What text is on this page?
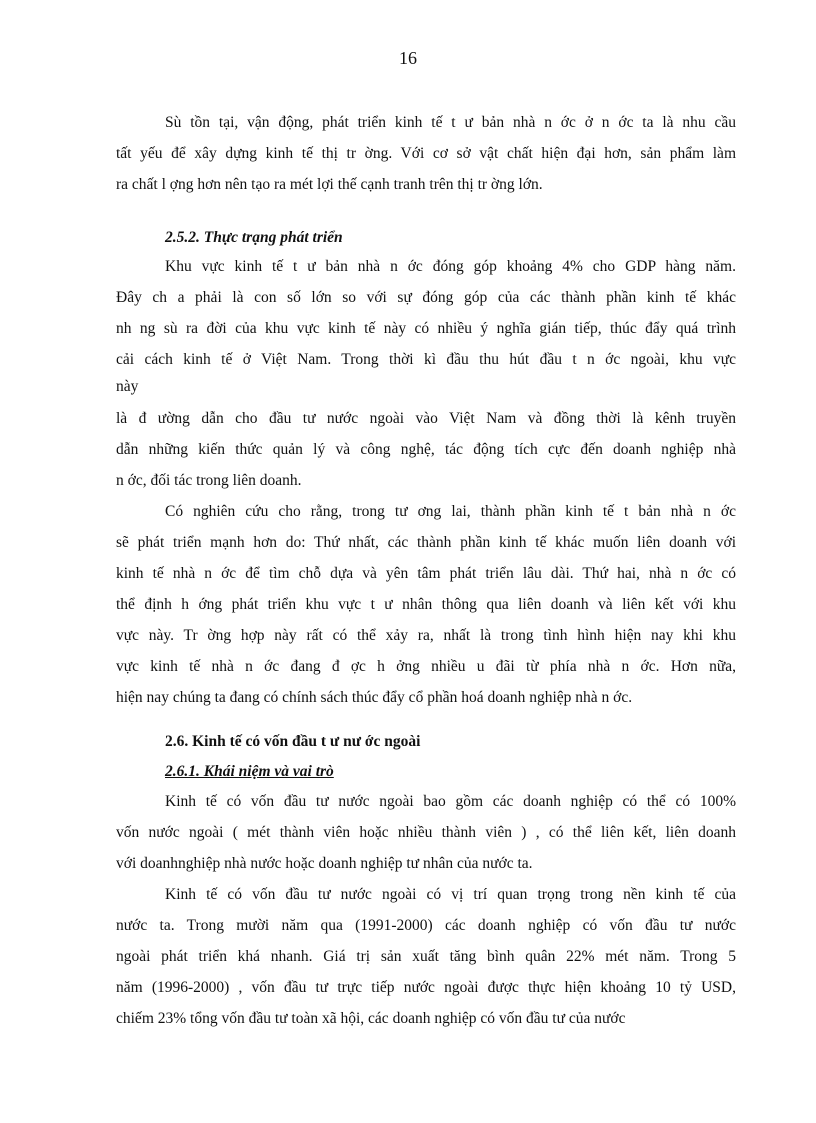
16
Sù tồn tại, vận động, phát triển kinh tế t ư bản nhà n ớc ở n ớc ta là nhu cầu
tất yếu để xây dựng kinh tế thị tr ờng. Với cơ sở vật chất hiện đại hơn, sản phẩm làm
ra chất l ợng hơn nên tạo ra mét lợi thế cạnh tranh trên thị tr ờng lớn.
2.5.2. Thực trạng phát triển
Khu vực kinh tế t ư bản nhà n ớc đóng góp khoảng 4% cho GDP hàng năm.
Đây ch a phải là con số lớn so với sự đóng góp của các thành phần kinh tế khác
nh ng sù ra đời của khu vực kinh tế này có nhiều ý nghĩa gián tiếp, thúc đẩy quá trình
cải cách kinh tế ở Việt Nam. Trong thời kì đầu thu hút đầu t n ớc ngoài, khu vực
này
là đ ường dẫn cho đầu tư nước ngoài vào Việt Nam và đồng thời là kênh truyền
dẫn những kiến thức quản lý và công nghệ, tác động tích cực đến doanh nghiệp nhà
n ớc, đối tác trong liên doanh.
Có nghiên cứu cho rằng, trong tư ơng lai, thành phần kinh tế t bản nhà n ớc
sẽ phát triển mạnh hơn do: Thứ nhất, các thành phần kinh tế khác muốn liên doanh với
kinh tế nhà n ớc để tìm chỗ dựa và yên tâm phát triển lâu dài. Thứ hai, nhà n ớc có
thể định h ớng phát triển khu vực t ư nhân thông qua liên doanh và liên kết với khu
vực này. Tr ờng hợp này rất có thể xảy ra, nhất là trong tình hình hiện nay khi khu
vực kinh tế nhà n ớc đang đ ợc h ởng nhiều u đãi từ phía nhà n ớc. Hơn nữa,
hiện nay chúng ta đang có chính sách thúc đẩy cổ phần hoá doanh nghiệp nhà n ớc.
2.6. Kinh tế có vốn đầu t ư nư ớc ngoài
2.6.1. Khái niệm và vai trò
Kinh tế có vốn đầu tư nước ngoài bao gồm các doanh nghiệp có thể có 100%
vốn nước ngoài ( mét thành viên hoặc nhiều thành viên ) , có thể liên kết, liên doanh
với doanhnghiệp nhà nước hoặc doanh nghiệp tư nhân của nước ta.
Kinh tế có vốn đầu tư nước ngoài có vị trí quan trọng trong nền kinh tế của
nước ta. Trong mười năm qua (1991-2000) các doanh nghiệp có vốn đầu tư nước
ngoài phát triển khá nhanh. Giá trị sản xuất tăng bình quân 22% mét năm. Trong 5
năm (1996-2000) , vốn đầu tư trực tiếp nước ngoài được thực hiện khoảng 10 tỷ USD,
chiếm 23% tổng vốn đầu tư toàn xã hội, các doanh nghiệp có vốn đầu tư của nước
